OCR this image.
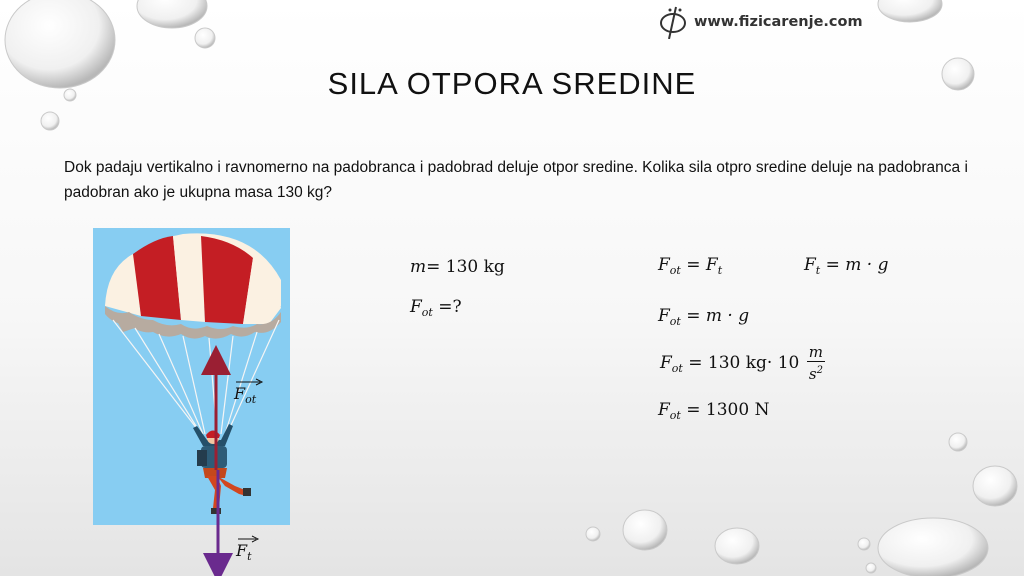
www.fizicarenje.com
SILA OTPORA SREDINE
Dok padaju vertikalno i ravnomerno na padobranca i padobrad deluje otpor sredine. Kolika sila otpro sredine deluje na padobranca i padobran ako je ukupna masa 130 kg?
$F_{ot}$
$F_t$
m= 130 kg
$F_{ot}$ =?
$F_{ot} = F_t$	$F_t = m \cdot g$
$F_{ot} = m \cdot g$
$F_{ot} = 130$ $kg\cdot 10 \frac{m}{s^2}$
$F_{ot} = 1300$ N
